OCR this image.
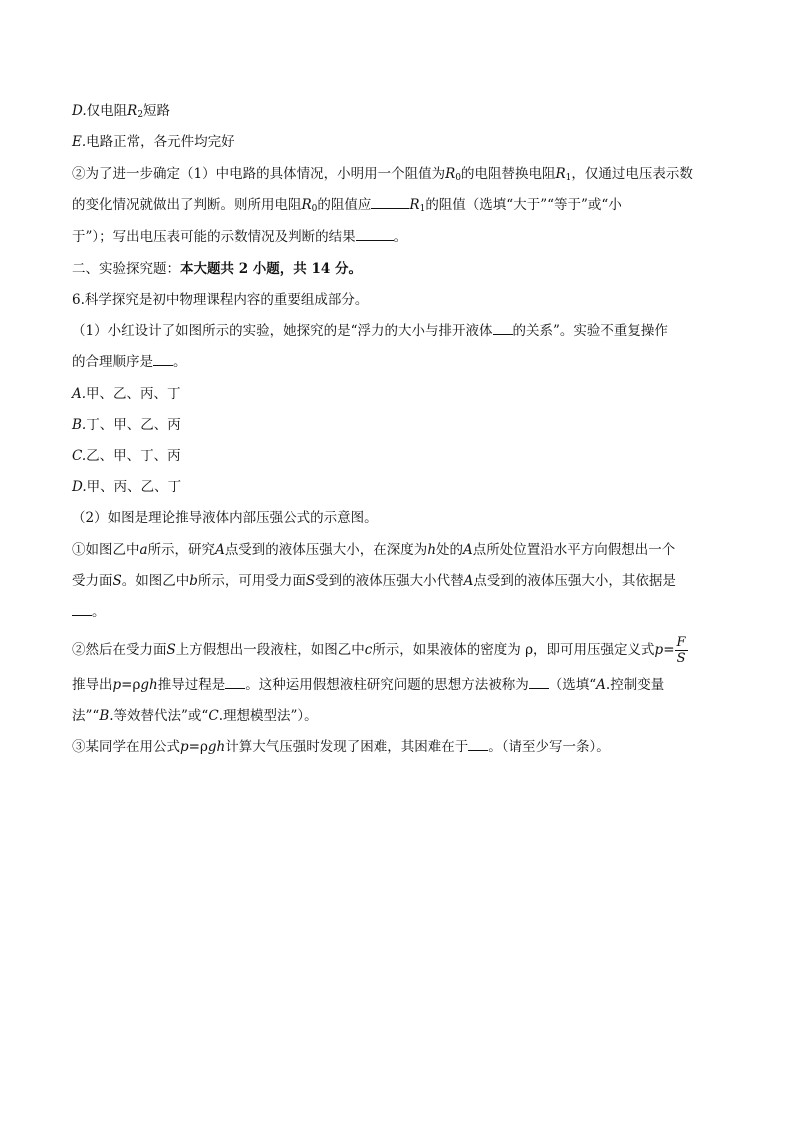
D.仅电阻$R_2$短路
E.电路正常，各元件均完好
②为了进一步确定（1）中电路的具体情况，小明用一个阻值为$R_0$的电阻替换电阻$R_1$，仅通过电压表示数
的变化情况就做出了判断。则所用电阻$R_0$的阻值应	$R_1$的阻值（选填“大于”“等于”或“小
于”）；写出电压表可能的示数情况及判断的结果	。
二、实验探究题：本大题共 2 小题，共 14 分。
6.科学探究是初中物理课程内容的重要组成部分。
（1）小红设计了如图所示的实验，她探究的是“浮力的大小与排开液体 的关系”。实验不重复操作
的合理顺序是 。
A.甲、乙、丙、丁
B.丁、甲、乙、丙
C.乙、甲、丁、丙
D.甲、丙、乙、丁
（2）如图是理论推导液体内部压强公式的示意图。
①如图乙中a所示，研究A点受到的液体压强大小，在深度为h处的A点所处位置沿水平方向假想出一个
受力面S。如图乙中b所示，可用受力面S受到的液体压强大小代替A点受到的液体压强大小，其依据是
。
②然后在受力面S上方假想出一段液柱，如图乙中c所示，如果液体的密度为 ρ，即可用压强定义式$p= \frac{F}{S}$
推导出p=ρgh推导过程是 。这种运用假想液柱研究问题的思想方法被称为 （选填“A.控制变量
法”“B.等效替代法”或“C.理想模型法”）。
③某同学在用公式p=ρgh计算大气压强时发现了困难，其困难在于 。（请至少写一条）。
